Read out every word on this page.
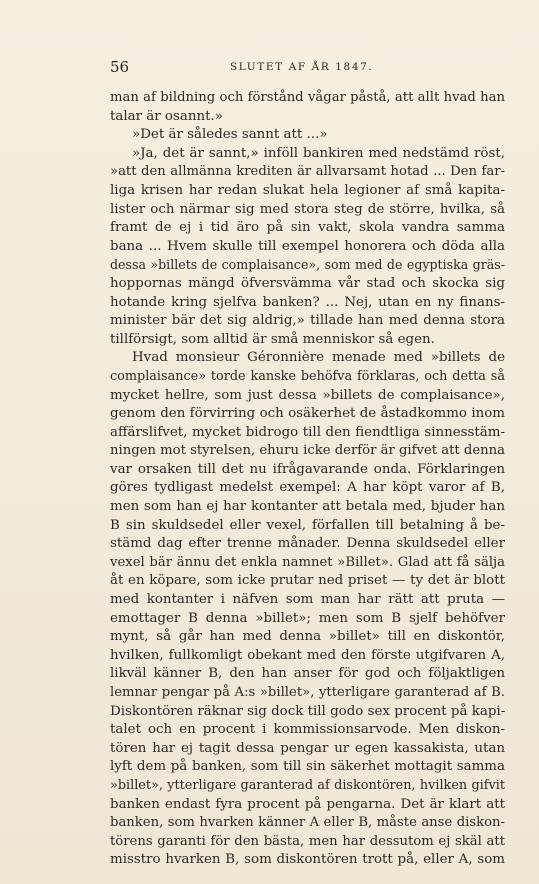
56	SLUTET AF ÅR 1847.
man af bildning och förstånd vågar påstå, att allt hvad han
talar är osannt.»
»Det är således sannt att ...»
»Ja, det är sannt,» inföll bankiren med nedstämd röst,
»att den allmänna krediten är allvarsamt hotad ... Den far-
liga krisen har redan slukat hela legioner af små kapita-
lister och närmar sig med stora steg de större, hvilka, så
framt de ej i tid äro på sin vakt, skola vandra samma
bana ... Hvem skulle till exempel honorera och döda alla
dessa »billets de complaisance», som med de egyptiska gräs-
hoppornas mängd öfversvämma vår stad och skocka sig
hotande kring sjelfva banken? ... Nej, utan en ny finans-
minister bär det sig aldrig,» tillade han med denna stora
tillförsigt, som alltid är små menniskor så egen.
Hvad monsieur Géronnière menade med »billets de
complaisance» torde kanske behöfva förklaras, och detta så
mycket hellre, som just dessa »billets de complaisance»,
genom den förvirring och osäkerhet de åstadkommo inom
affärslifvet, mycket bidrogo till den fiendtliga sinnesstäm-
ningen mot styrelsen, ehuru icke derför är gifvet att denna
var orsaken till det nu ifrågavarande onda. Förklaringen
göres tydligast medelst exempel: A har köpt varor af B,
men som han ej har kontanter att betala med, bjuder han
B sin skuldsedel eller vexel, förfallen till betalning å be-
stämd dag efter trenne månader. Denna skuldsedel eller
vexel bär ännu det enkla namnet »Billet». Glad att få sälja
åt en köpare, som icke prutar ned priset — ty det är blott
med kontanter i näfven som man har rätt att pruta —
emottager B denna »billet»; men som B sjelf behöfver
mynt, så går han med denna »billet» till en diskontör,
hvilken, fullkomligt obekant med den förste utgifvaren A,
likväl känner B, den han anser för god och följaktligen
lemnar pengar på A:s »billet», ytterligare garanterad af B.
Diskontören räknar sig dock till godo sex procent på kapi-
talet och en procent i kommissionsarvode. Men diskon-
tören har ej tagit dessa pengar ur egen kassakista, utan
lyft dem på banken, som till sin säkerhet mottagit samma
»billet», ytterligare garanterad af diskontören, hvilken gifvit
banken endast fyra procent på pengarna. Det är klart att
banken, som hvarken känner A eller B, måste anse diskon-
törens garanti för den bästa, men har dessutom ej skäl att
misstro hvarken B, som diskontören trott på, eller A, som
